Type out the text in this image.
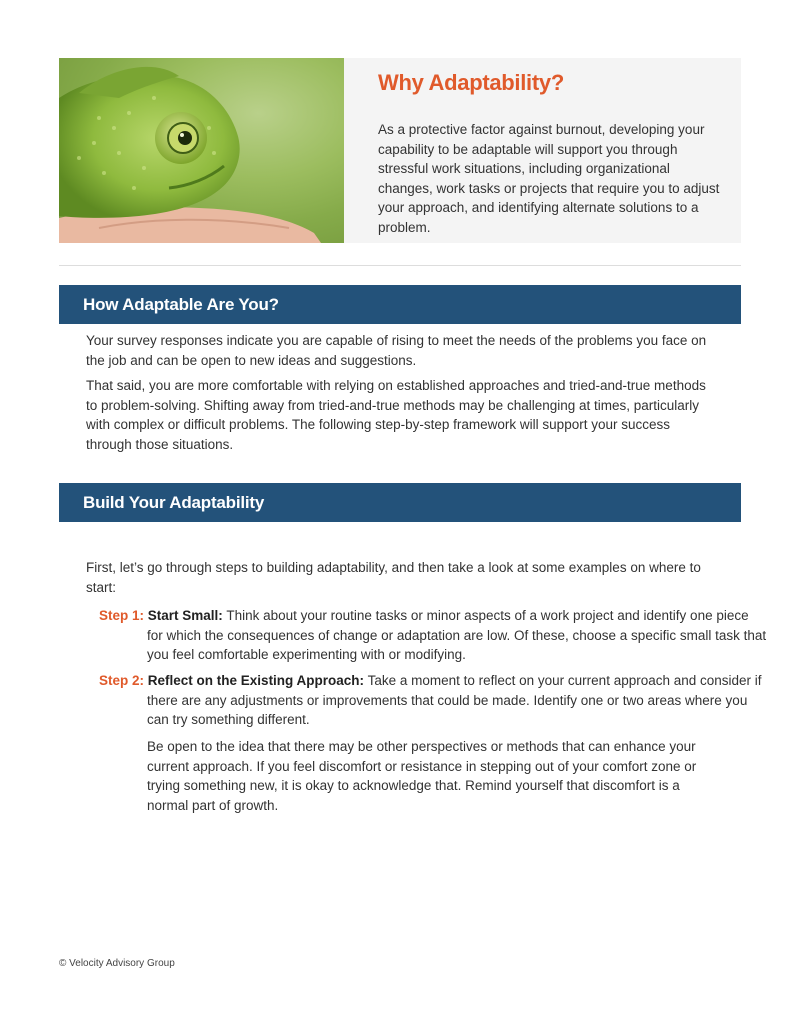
Why Adaptability?

As a protective factor against burnout, developing your capability to be adaptable will support you through stressful work situations, including organizational changes, work tasks or projects that require you to adjust your approach, and identifying alternate solutions to a problem.

How Adaptable Are You?

Your survey responses indicate you are capable of rising to meet the needs of the problems you face on the job and can be open to new ideas and suggestions.

That said, you are more comfortable with relying on established approaches and tried-and-true methods to problem-solving. Shifting away from tried-and-true methods may be challenging at times, particularly with complex or difficult problems. The following step-by-step framework will support your success through those situations.

Build Your Adaptability

First, let’s go through steps to building adaptability, and then take a look at some examples on where to start:

Step 1: Start Small: Think about your routine tasks or minor aspects of a work project and identify one piece for which the consequences of change or adaptation are low. Of these, choose a specific small task that you feel comfortable experimenting with or modifying.

Step 2: Reflect on the Existing Approach: Take a moment to reflect on your current approach and consider if there are any adjustments or improvements that could be made. Identify one or two areas where you can try something different.

Be open to the idea that there may be other perspectives or methods that can enhance your current approach. If you feel discomfort or resistance in stepping out of your comfort zone or trying something new, it is okay to acknowledge that. Remind yourself that discomfort is a normal part of growth.

© Velocity Advisory Group
